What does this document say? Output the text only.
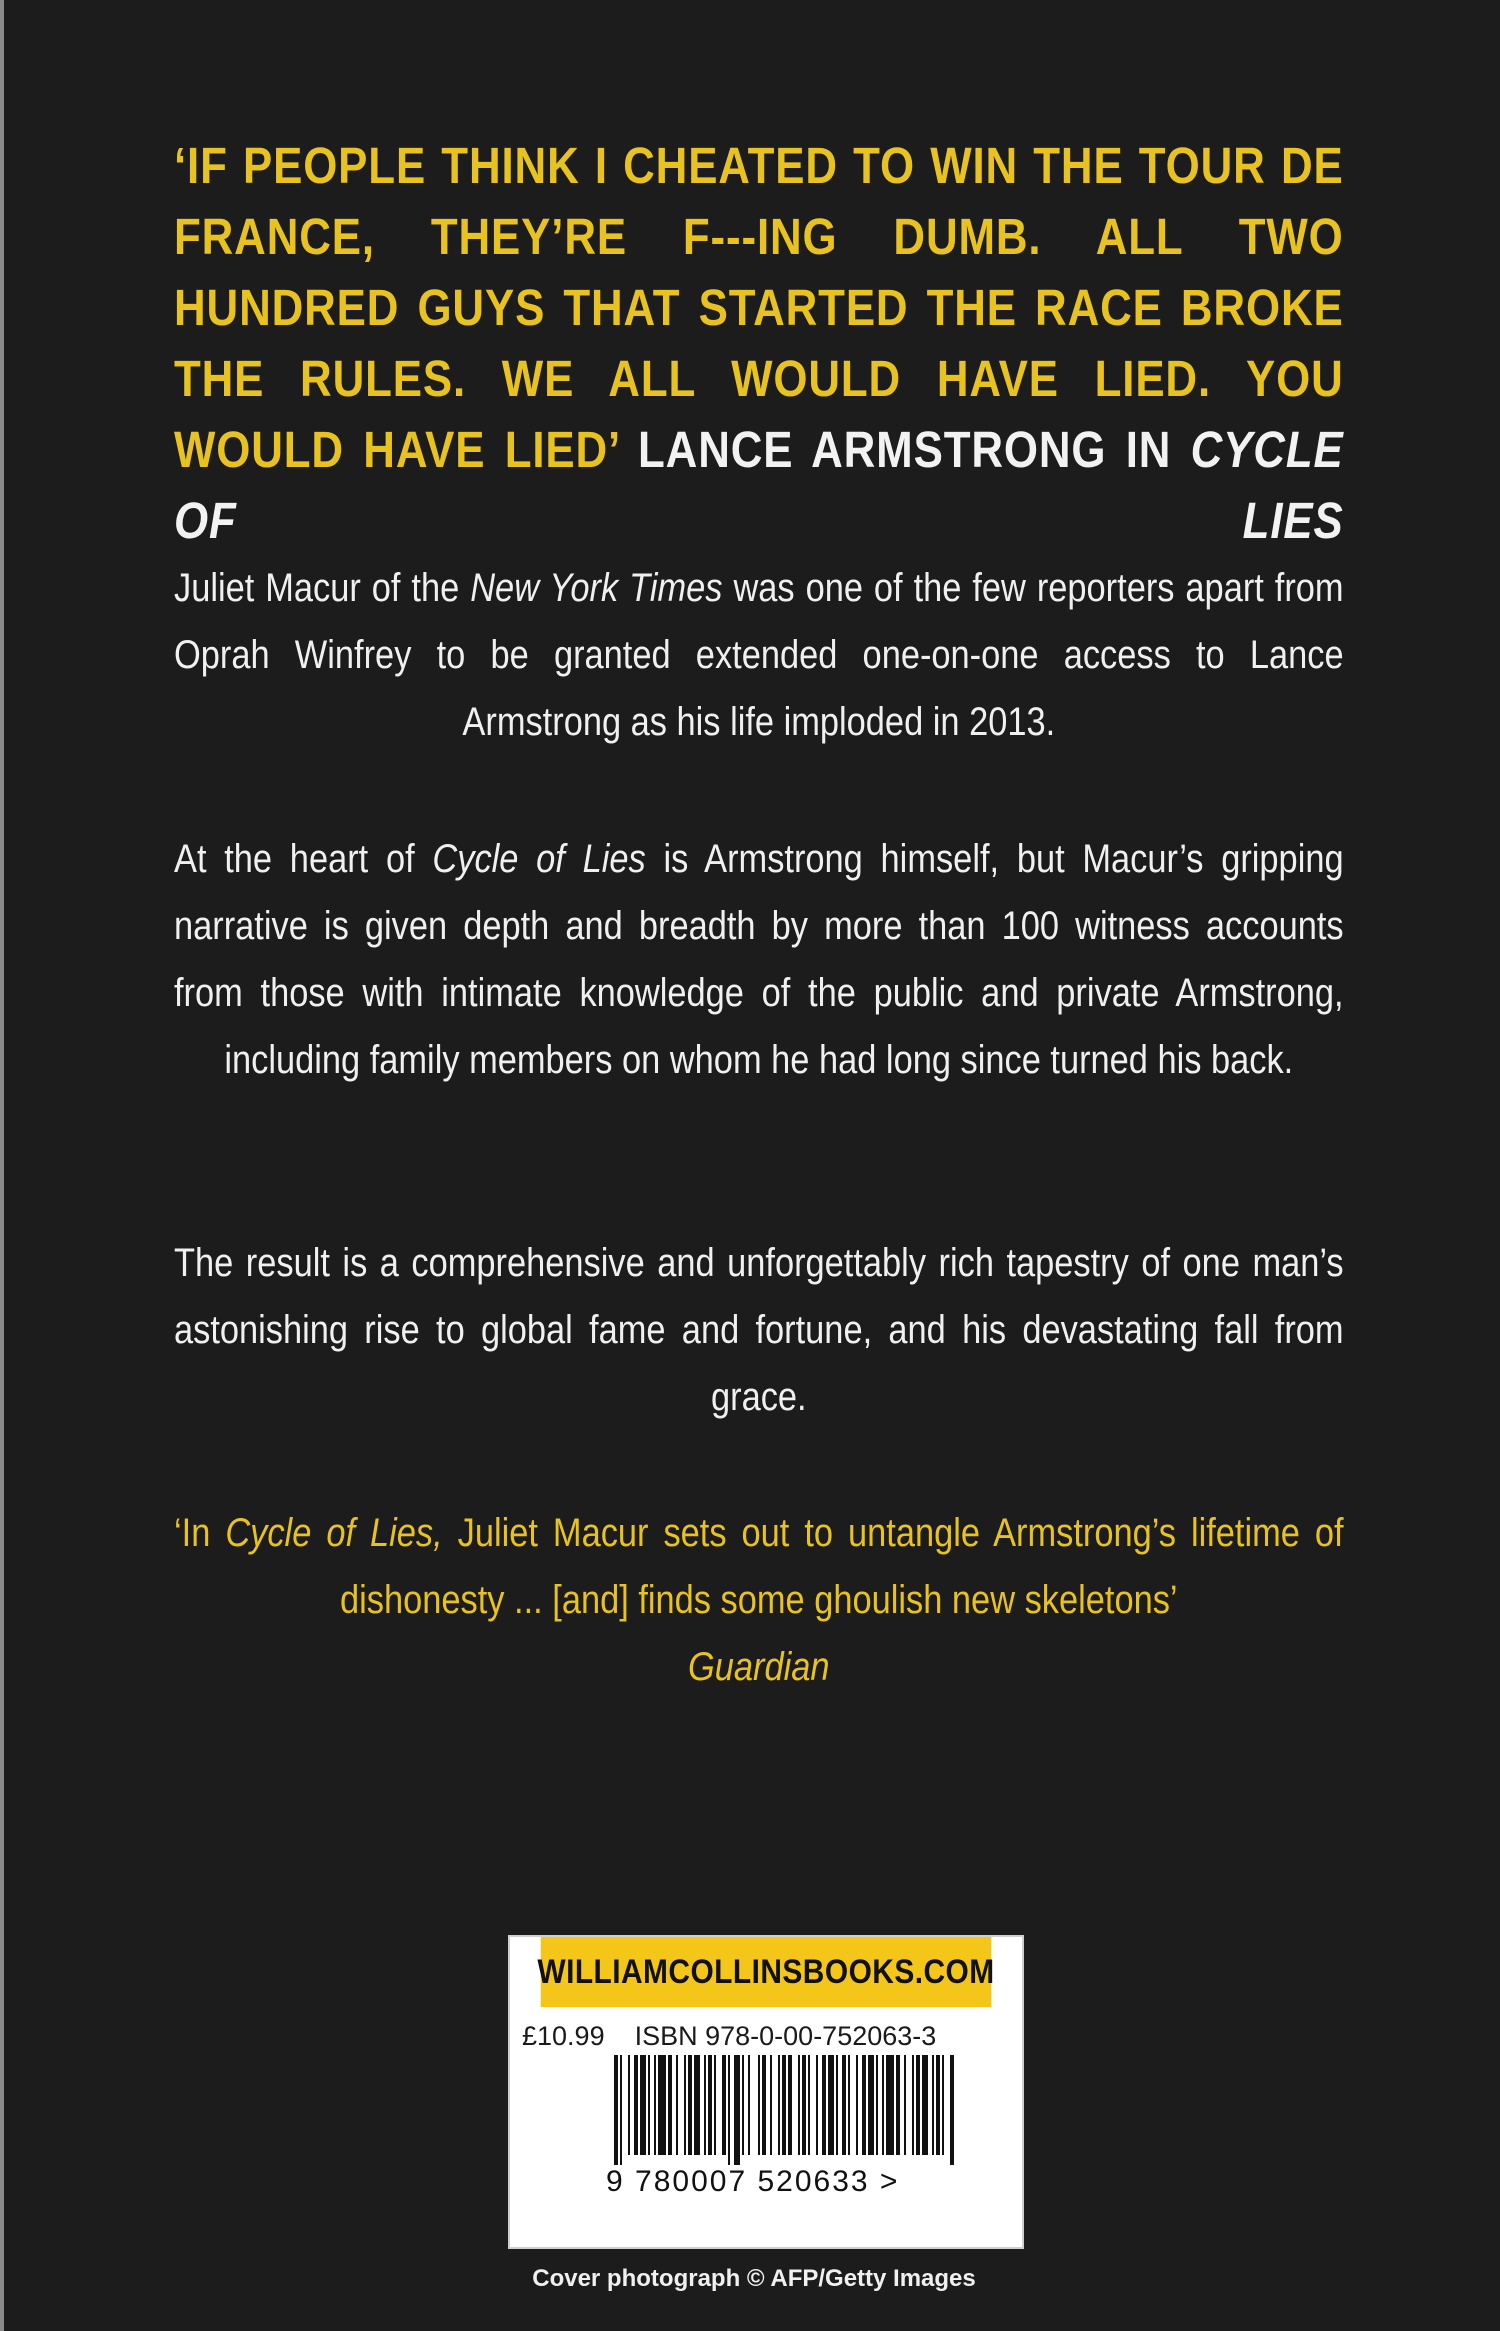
‘IF PEOPLE THINK I CHEATED TO WIN THE TOUR DE FRANCE, THEY’RE F---ING DUMB. ALL TWO HUNDRED GUYS THAT STARTED THE RACE BROKE THE RULES. WE ALL WOULD HAVE LIED. YOU WOULD HAVE LIED’ LANCE ARMSTRONG IN CYCLE OF LIES
Juliet Macur of the New York Times was one of the few reporters apart from Oprah Winfrey to be granted extended one-on-one access to Lance Armstrong as his life imploded in 2013.
At the heart of Cycle of Lies is Armstrong himself, but Macur’s gripping narrative is given depth and breadth by more than 100 witness accounts from those with intimate knowledge of the public and private Armstrong, including family members on whom he had long since turned his back.
The result is a comprehensive and unforgettably rich tapestry of one man’s astonishing rise to global fame and fortune, and his devastating fall from grace.
‘In Cycle of Lies, Juliet Macur sets out to untangle Armstrong’s lifetime of dishonesty ... [and] finds some ghoulish new skeletons’
Guardian
WILLIAMCOLLINSBOOKS.COM
£10.99 ISBN 978-0-00-752063-3
9 780007 520633 >
Cover photograph © AFP/Getty Images
